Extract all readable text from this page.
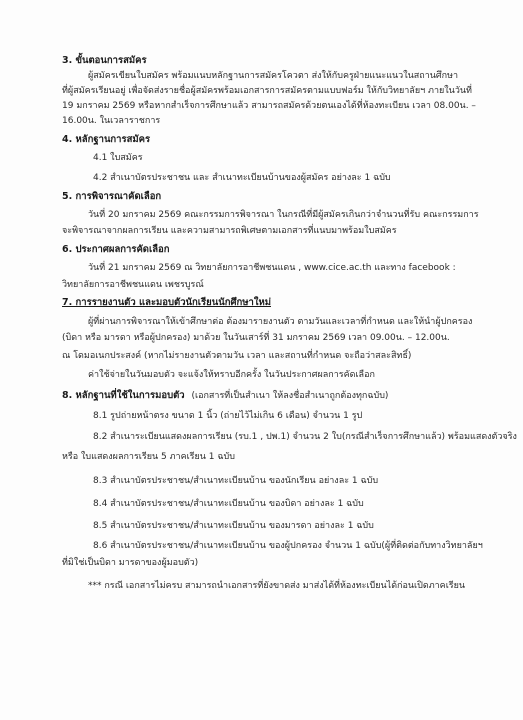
3. ขั้นตอนการสมัคร
ผู้สมัครเขียนใบสมัคร พร้อมแนบหลักฐานการสมัครโควตา ส่งให้กับครูฝ่ายแนะแนวในสถานศึกษา
ที่ผู้สมัครเรียนอยู่ เพื่อจัดส่งรายชื่อผู้สมัครพร้อมเอกสารการสมัครตามแบบฟอร์ม ให้กับวิทยาลัยฯ ภายในวันที่
19 มกราคม 2569 หรือหากสำเร็จการศึกษาแล้ว สามารถสมัครด้วยตนเองได้ที่ห้องทะเบียน เวลา 08.00น. –
16.00น. ในเวลาราชการ
4. หลักฐานการสมัคร
4.1 ใบสมัคร
4.2 สำเนาบัตรประชาชน และ สำเนาทะเบียนบ้านของผู้สมัคร อย่างละ 1 ฉบับ
5. การพิจารณาคัดเลือก
วันที่ 20 มกราคม 2569 คณะกรรมการพิจารณา ในกรณีที่มีผู้สมัครเกินกว่าจำนวนที่รับ คณะกรรมการ
จะพิจารณาจากผลการเรียน และความสามารถพิเศษตามเอกสารที่แนบมาพร้อมใบสมัคร
6. ประกาศผลการคัดเลือก
วันที่ 21 มกราคม 2569 ณ วิทยาลัยการอาชีพชนแดน , www.cice.ac.th และทาง facebook :
วิทยาลัยการอาชีพชนแดน เพชรบูรณ์
7. การรายงานตัว และมอบตัวนักเรียนนักศึกษาใหม่
ผู้ที่ผ่านการพิจารณาให้เข้าศึกษาต่อ ต้องมารายงานตัว ตามวันและเวลาที่กำหนด และให้นำผู้ปกครอง
(บิดา หรือ มารดา หรือผู้ปกครอง) มาด้วย ในวันเสาร์ที่ 31 มกราคม 2569 เวลา 09.00น. – 12.00น.
ณ โดมอเนกประสงค์ (หากไม่รายงานตัวตามวัน เวลา และสถานที่กำหนด จะถือว่าสละสิทธิ์)
ค่าใช้จ่ายในวันมอบตัว จะแจ้งให้ทราบอีกครั้ง ในวันประกาศผลการคัดเลือก
8. หลักฐานที่ใช้ในการมอบตัว (เอกสารที่เป็นสำเนา ให้ลงชื่อสำเนาถูกต้องทุกฉบับ)
8.1 รูปถ่ายหน้าตรง ขนาด 1 นิ้ว (ถ่ายไว้ไม่เกิน 6 เดือน) จำนวน 1 รูป
8.2 สำเนาระเบียนแสดงผลการเรียน (รบ.1 , ปพ.1) จำนวน 2 ใบ(กรณีสำเร็จการศึกษาแล้ว) พร้อมแสดงตัวจริง
หรือ ใบแสดงผลการเรียน 5 ภาคเรียน 1 ฉบับ
8.3 สำเนาบัตรประชาชน/สำเนาทะเบียนบ้าน ของนักเรียน อย่างละ 1 ฉบับ
8.4 สำเนาบัตรประชาชน/สำเนาทะเบียนบ้าน ของบิดา อย่างละ 1 ฉบับ
8.5 สำเนาบัตรประชาชน/สำเนาทะเบียนบ้าน ของมารดา อย่างละ 1 ฉบับ
8.6 สำเนาบัตรประชาชน/สำเนาทะเบียนบ้าน ของผู้ปกครอง จำนวน 1 ฉบับ(ผู้ที่ติดต่อกับทางวิทยาลัยฯ
ที่มิใช่เป็นบิดา มารดาของผู้มอบตัว)
*** กรณี เอกสารไม่ครบ สามารถนำเอกสารที่ยังขาดส่ง มาส่งได้ที่ห้องทะเบียนได้ก่อนเปิดภาคเรียน
